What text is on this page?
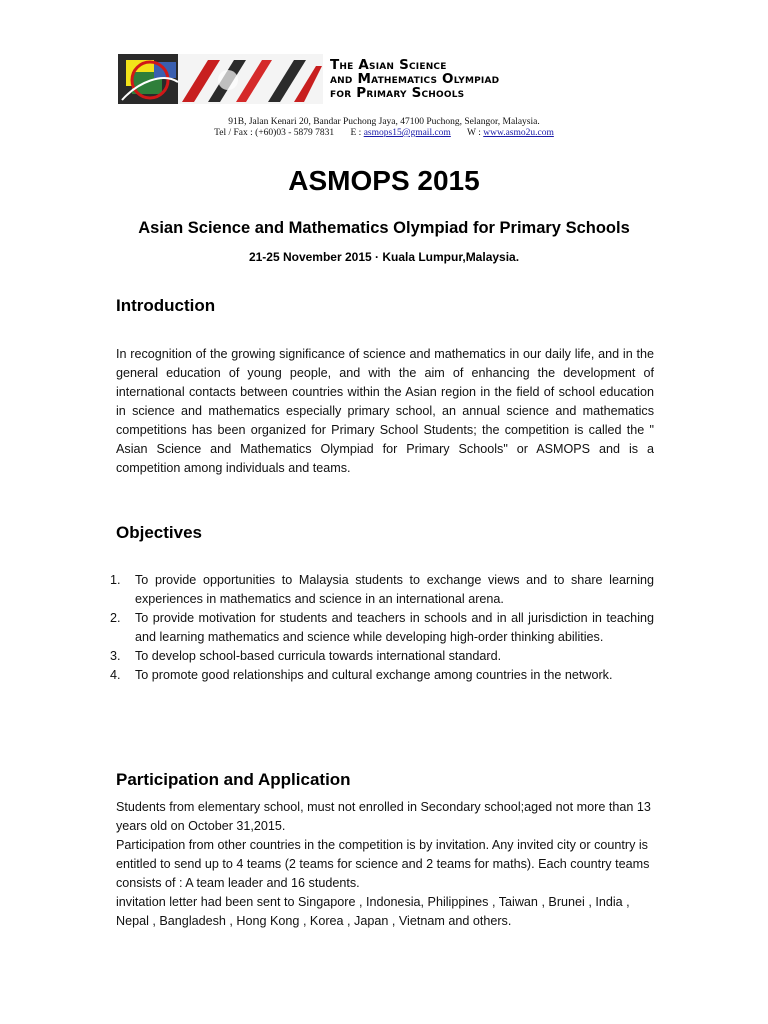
The Asian Science
and Mathematics Olympiad
for Primary Schools
91B, Jalan Kenari 20, Bandar Puchong Jaya, 47100 Puchong, Selangor, Malaysia.
Tel / Fax : (+60)03 - 5879 7831 E : asmops15@gmail.com W : www.asmo2u.com
ASMOPS 2015
Asian Science and Mathematics Olympiad for Primary Schools
21-25 November 2015 · Kuala Lumpur,Malaysia.
Introduction
In recognition of the growing significance of science and mathematics in our daily life, and in the general education of young people, and with the aim of enhancing the development of international contacts between countries within the Asian region in the field of school education in science and mathematics especially primary school, an annual science and mathematics competitions has been organized for Primary School Students; the competition is called the " Asian Science and Mathematics Olympiad for Primary Schools" or ASMOPS and is a competition among individuals and teams.
Objectives
1. To provide opportunities to Malaysia students to exchange views and to share learning experiences in mathematics and science in an international arena.
2. To provide motivation for students and teachers in schools and in all jurisdiction in teaching and learning mathematics and science while developing high-order thinking abilities.
3. To develop school-based curricula towards international standard.
4. To promote good relationships and cultural exchange among countries in the network.
Participation and Application

Students from elementary school, must not enrolled in Secondary school;aged not more than 13 years old on October 31,2015.

Participation from other countries in the competition is by invitation. Any invited city or country is entitled to send up to 4 teams (2 teams for science and 2 teams for maths). Each country teams consists of : A team leader and 16 students.

invitation letter had been sent to Singapore , Indonesia, Philippines , Taiwan , Brunei , India , Nepal , Bangladesh , Hong Kong , Korea , Japan , Vietnam and others.
